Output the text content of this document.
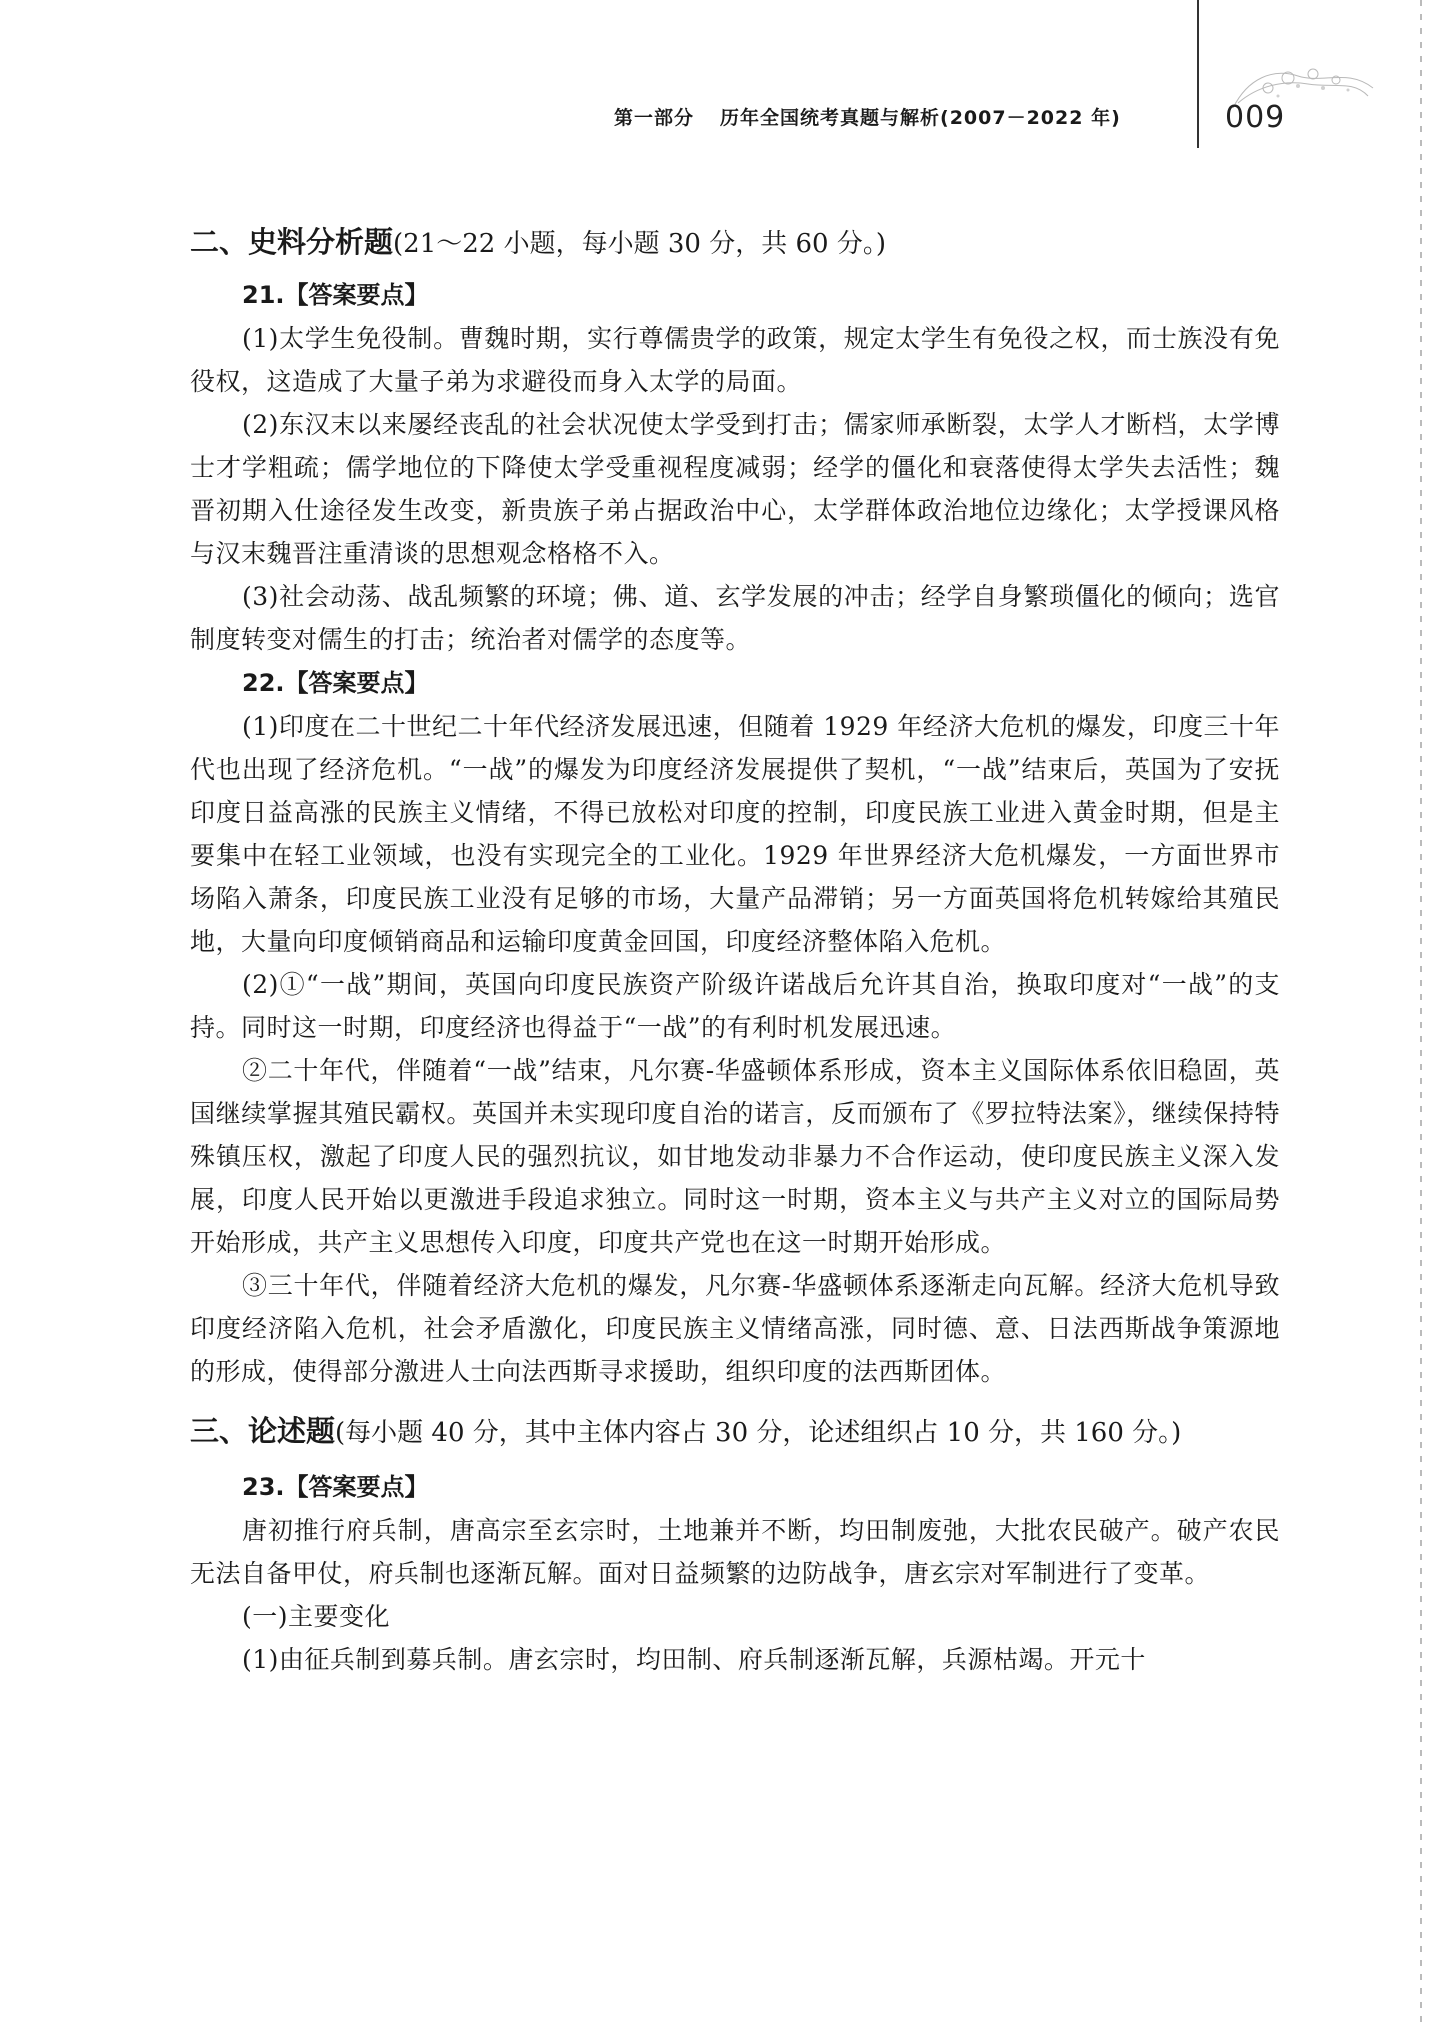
第一部分 历年全国统考真题与解析(2007－2022 年)	009
二、史料分析题(21～22 小题，每小题 30 分，共 60 分。)
21.【答案要点】

(1)太学生免役制。曹魏时期，实行尊儒贵学的政策，规定太学生有免役之权，而士族没有免役权，这造成了大量子弟为求避役而身入太学的局面。

(2)东汉末以来屡经丧乱的社会状况使太学受到打击；儒家师承断裂，太学人才断档，太学博士才学粗疏；儒学地位的下降使太学受重视程度减弱；经学的僵化和衰落使得太学失去活性；魏晋初期入仕途径发生改变，新贵族子弟占据政治中心，太学群体政治地位边缘化；太学授课风格与汉末魏晋注重清谈的思想观念格格不入。

(3)社会动荡、战乱频繁的环境；佛、道、玄学发展的冲击；经学自身繁琐僵化的倾向；选官制度转变对儒生的打击；统治者对儒学的态度等。

22.【答案要点】

(1)印度在二十世纪二十年代经济发展迅速，但随着 1929 年经济大危机的爆发，印度三十年代也出现了经济危机。“一战”的爆发为印度经济发展提供了契机，“一战”结束后，英国为了安抚印度日益高涨的民族主义情绪，不得已放松对印度的控制，印度民族工业进入黄金时期，但是主要集中在轻工业领域，也没有实现完全的工业化。1929 年世界经济大危机爆发，一方面世界市场陷入萧条，印度民族工业没有足够的市场，大量产品滞销；另一方面英国将危机转嫁给其殖民地，大量向印度倾销商品和运输印度黄金回国，印度经济整体陷入危机。

(2)①“一战”期间，英国向印度民族资产阶级许诺战后允许其自治，换取印度对“一战”的支持。同时这一时期，印度经济也得益于“一战”的有利时机发展迅速。

②二十年代，伴随着“一战”结束，凡尔赛-华盛顿体系形成，资本主义国际体系依旧稳固，英国继续掌握其殖民霸权。英国并未实现印度自治的诺言，反而颁布了《罗拉特法案》，继续保持特殊镇压权，激起了印度人民的强烈抗议，如甘地发动非暴力不合作运动，使印度民族主义深入发展，印度人民开始以更激进手段追求独立。同时这一时期，资本主义与共产主义对立的国际局势开始形成，共产主义思想传入印度，印度共产党也在这一时期开始形成。

③三十年代，伴随着经济大危机的爆发，凡尔赛-华盛顿体系逐渐走向瓦解。经济大危机导致印度经济陷入危机，社会矛盾激化，印度民族主义情绪高涨，同时德、意、日法西斯战争策源地的形成，使得部分激进人士向法西斯寻求援助，组织印度的法西斯团体。

三、论述题(每小题 40 分，其中主体内容占 30 分，论述组织占 10 分，共 160 分。)
23.【答案要点】

唐初推行府兵制，唐高宗至玄宗时，土地兼并不断，均田制废弛，大批农民破产。破产农民无法自备甲仗，府兵制也逐渐瓦解。面对日益频繁的边防战争，唐玄宗对军制进行了变革。

(一)主要变化

(1)由征兵制到募兵制。唐玄宗时，均田制、府兵制逐渐瓦解，兵源枯竭。开元十
